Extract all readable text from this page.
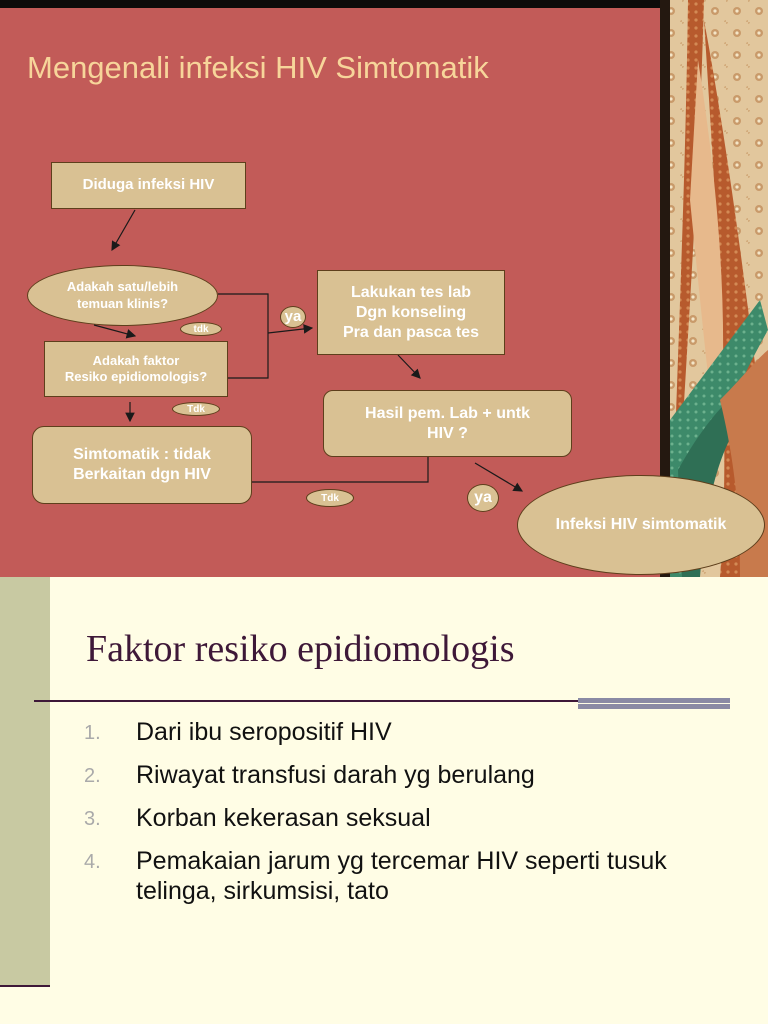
Mengenali infeksi HIV Simtomatik
Diduga infeksi HIV
Adakah satu/lebih
temuan klinis?
tdk
ya
Adakah faktor
Resiko epidiomologis?
Tdk
Simtomatik : tidak
Berkaitan dgn HIV
Lakukan tes lab
Dgn konseling
Pra dan pasca tes
Hasil pem. Lab + untk
HIV ?
Tdk	ya
Infeksi HIV simtomatik
Faktor resiko epidiomologis
1. Dari ibu seropositif HIV
2. Riwayat transfusi darah yg berulang
3. Korban kekerasan seksual
4. Pemakaian jarum yg tercemar HIV seperti tusuk telinga, sirkumsisi, tato
